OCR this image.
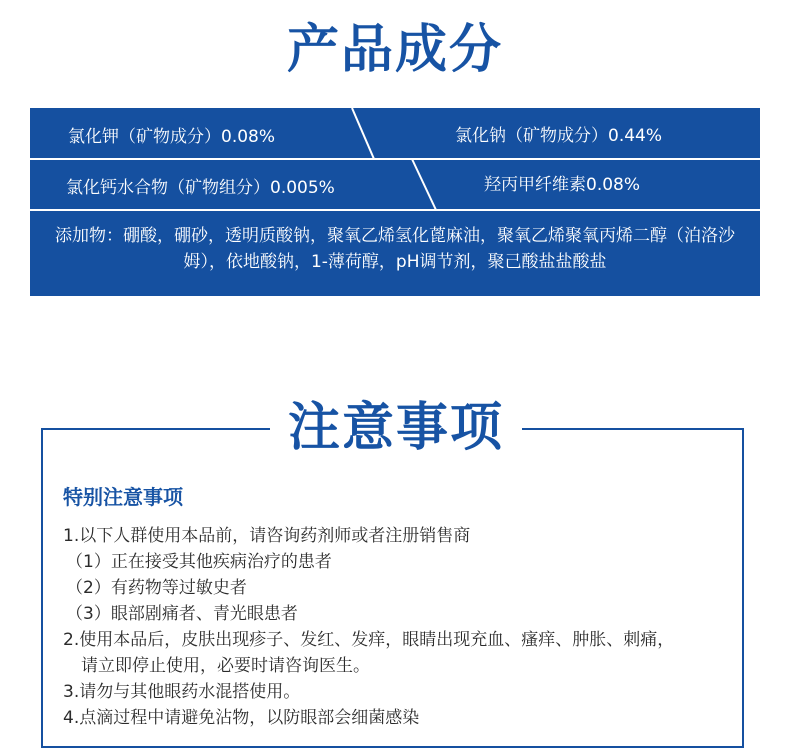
产品成分
氯化钾（矿物成分）0.08%	氯化钠（矿物成分）0.44%
氯化钙水合物（矿物组分）0.005%	羟丙甲纤维素0.08%
添加物：硼酸，硼砂，透明质酸钠，聚氧乙烯氢化蓖麻油，聚氧乙烯聚氧丙烯二醇（泊洛沙姆），依地酸钠，1-薄荷醇，pH调节剂，聚己酸盐盐酸盐
注意事项
特别注意事项
1.以下人群使用本品前，请咨询药剂师或者注册销售商
（1）正在接受其他疾病治疗的患者
（2）有药物等过敏史者
（3）眼部剧痛者、青光眼患者
2.使用本品后，皮肤出现疹子、发红、发痒，眼睛出现充血、瘙痒、肿胀、刺痛，
请立即停止使用，必要时请咨询医生。
3.请勿与其他眼药水混搭使用。
4.点滴过程中请避免沾物，以防眼部会细菌感染
